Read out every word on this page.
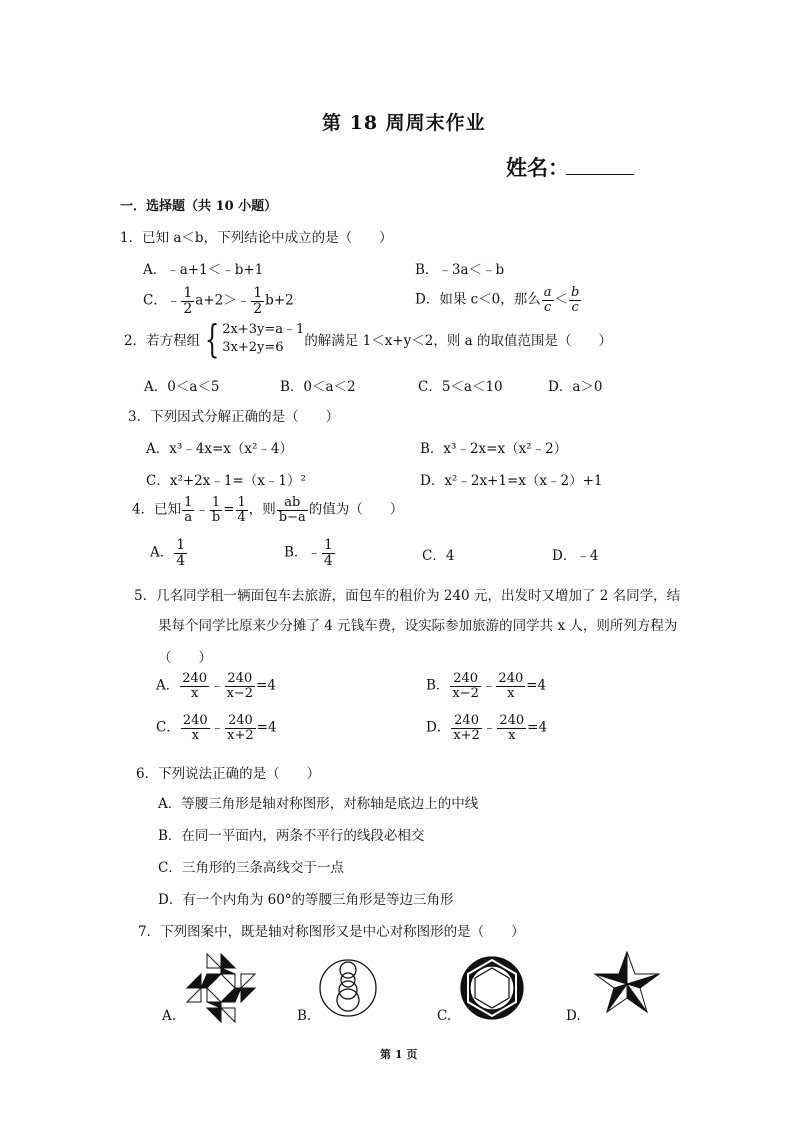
第 18 周周末作业
姓名：
一．选择题（共 10 小题）
1．已知 a＜b，下列结论中成立的是（　　）
A．﹣a+1＜﹣b+1	B．﹣3a＜﹣b
C．﹣ $\frac{1}{2}$ a+2＞﹣ $\frac{1}{2} b+2$	D．如果 c＜0，那么 $\frac{a}{c} < \frac{b}{c}$
2．若方程组 { 2x+3y=a﹣1
3x+2y=6	的解满足 1＜x+y＜2，则 a 的取值范围是（　　）
A．0＜a＜5	B．0＜a＜2	C．5＜a＜10	D．a＞0
3．下列因式分解正确的是（　　）
A．x³﹣4x=x（x²﹣4）	B．x³﹣2x=x（x²﹣2）
C．x²+2x﹣1=（x﹣1）²	D．x²﹣2x+1=x（x﹣2）+1
4．已知 $\frac{1}{a}$ ﹣ $\frac{1}{b} = \frac{1}{4}$ ，则 $\frac{ab}{b-a}$ 的值为（　　）
A． $\frac{1}{4}$	B．﹣ $\frac{1}{4}$	C．4	D．﹣4
5．几名同学租一辆面包车去旅游，面包车的租价为 240 元，出发时又增加了 2 名同学，结
果每个同学比原来少分摊了 4 元钱车费，设实际参加旅游的同学共 x 人，则所列方程为
（　　）
A． $\frac{240}{x}$ ﹣ $\frac{240}{x-2} =4$	B． $\frac{240}{x-2}$ ﹣ $\frac{240}{x} =4$
C． $\frac{240}{x}$ ﹣ $\frac{240}{x+2} =4$	D． $\frac{240}{x+2}$ ﹣ $\frac{240}{x} =4$
6．下列说法正确的是（　　）
A．等腰三角形是轴对称图形，对称轴是底边上的中线
B．在同一平面内，两条不平行的线段必相交
C．三角形的三条高线交于一点
D．有一个内角为 60°的等腰三角形是等边三角形
7．下列图案中，既是轴对称图形又是中心对称图形的是（　　）
A.	B.	C.	D.
第 1 页
